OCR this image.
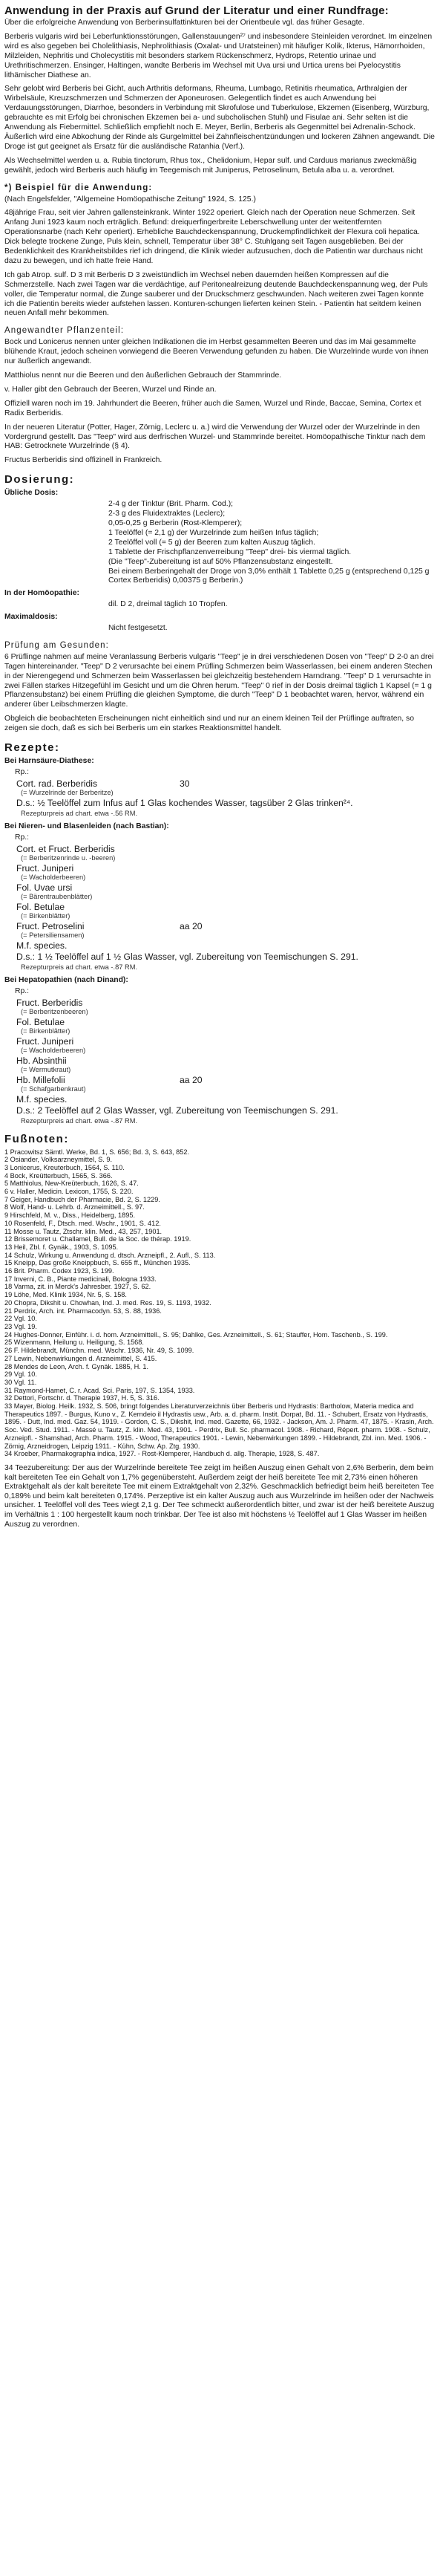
Anwendung in der Praxis auf Grund der Literatur und einer Rundfrage:

Über die erfolgreiche Anwendung von Berberinsulfattinkturen bei der Orientbeule vgl. das früher Gesagte.

Berberis vulgaris wird bei Leberfunktionsstörungen, Gallenstauungen²⁷ und insbesondere Steinleiden verordnet. Im einzelnen wird es also gegeben bei Cholelithiasis, Nephrolithiasis (Oxalat- und Uratsteinen) mit häufiger Kolik, Ikterus, Hämorrhoiden, Milzleiden, Nephritis und Cholecystitis mit besonders starkem Rückenschmerz, Hydrops, Retentio urinae und Urethritischmerzen. Ensinger, Haltingen, wandte Berberis im Wechsel mit Uva ursi und Urtica urens bei Pyelocystitis lithämischer Diathese an.

Sehr gelobt wird Berberis bei Gicht, auch Arthritis deformans, Rheuma, Lumbago, Retinitis rheumatica, Arthralgien der Wirbelsäule, Kreuzschmerzen und Schmerzen der Aponeurosen. Gelegentlich findet es auch Anwendung bei Verdauungsstörungen, Diarrhoe, besonders in Verbindung mit Skrofulose und Tuberkulose, Ekzemen (Eisenberg, Würzburg, gebrauchte es mit Erfolg bei chronischen Ekzemen bei a- und subcholischen Stuhl) und Fisulae ani. Sehr selten ist die Anwendung als Fiebermittel. Schließlich empfiehlt noch E. Meyer, Berlin, Berberis als Gegenmittel bei Adrenalin-Schock. Äußerlich wird eine Abkochung der Rinde als Gurgelmittel bei Zahnfleischentzündungen und lockeren Zähnen angewandt. Die Droge ist gut geeignet als Ersatz für die ausländische Ratanhia (Verf.).

Als Wechselmittel werden u. a. Rubia tinctorum, Rhus tox., Chelidonium, Hepar sulf. und Carduus marianus zweckmäßig gewählt, jedoch wird Berberis auch häufig im Teegemisch mit Juniperus, Petroselinum, Betula alba u. a. verordnet.

*) Beispiel für die Anwendung:

(Nach Engelsfelder, "Allgemeine Homöopathische Zeitung" 1924, S. 125.)

48jährige Frau, seit vier Jahren gallensteinkrank. Winter 1922 operiert. Gleich nach der Operation neue Schmerzen. Seit Anfang Juni 1923 kaum noch erträglich. Befund: dreiquerfingerbreite Leberschwellung unter der weitentfernten Operationsnarbe (nach Kehr operiert). Erhebliche Bauchdeckenspannung, Druckempfindlichkeit der Flexura coli hepatica. Dick belegte trockene Zunge, Puls klein, schnell, Temperatur über 38° C. Stuhlgang seit Tagen ausgeblieben. Bei der Bedenklichkeit des Krankheitsbildes rief ich dringend, die Klinik wieder aufzusuchen, doch die Patientin war durchaus nicht dazu zu bewegen, und ich hatte freie Hand.

Ich gab Atrop. sulf. D 3 mit Berberis D 3 zweistündlich im Wechsel neben dauernden heißen Kompressen auf die Schmerzstelle. Nach zwei Tagen war die verdächtige, auf Peritonealreizung deutende Bauchdeckenspannung weg, der Puls voller, die Temperatur normal, die Zunge sauberer und der Druckschmerz geschwunden. Nach weiteren zwei Tagen konnte ich die Patientin bereits wieder aufstehen lassen. Konturen-schungen lieferten keinen Stein. - Patientin hat seitdem keinen neuen Anfall mehr bekommen.

Angewandter Pflanzenteil:

Bock und Lonicerus nennen unter gleichen Indikationen die im Herbst gesammelten Beeren und das im Mai gesammelte blühende Kraut, jedoch scheinen vorwiegend die Beeren Verwendung gefunden zu haben. Die Wurzelrinde wurde von ihnen nur äußerlich angewandt.

Matthiolus nennt nur die Beeren und den äußerlichen Gebrauch der Stammrinde.

v. Haller gibt den Gebrauch der Beeren, Wurzel und Rinde an.

Offiziell waren noch im 19. Jahrhundert die Beeren, früher auch die Samen, Wurzel und Rinde, Baccae, Semina, Cortex et Radix Berberidis.

In der neueren Literatur (Potter, Hager, Zörnig, Leclerc u. a.) wird die Verwendung der Wurzel oder der Wurzelrinde in den Vordergrund gestellt. Das "Teep" wird aus derfrischen Wurzel- und Stammrinde bereitet. Homöopathische Tinktur nach dem HAB: Getrocknete Wurzelrinde (§ 4).

Fructus Berberidis sind offizinell in Frankreich.

Dosierung:
Übliche Dosis:

2-4 g der Tinktur (Brit. Pharm. Cod.);

2-3 g des Fluidextraktes (Leclerc);

0,05-0,25 g Berberin (Rost-Klemperer);

1 Teelöffel (= 2,1 g) der Wurzelrinde zum heißen Infus täglich;

2 Teelöffel voll (= 5 g) der Beeren zum kalten Auszug täglich.

1 Tablette der Frischpflanzenverreibung "Teep" drei- bis viermal täglich.

(Die "Teep"-Zubereitung ist auf 50% Pflanzensubstanz eingestellt.

Bei einem Berberingehalt der Droge von 3,0% enthält 1 Tablette 0,25 g (entsprechend 0,125 g Cortex Berberidis) 0,00375 g Berberin.)

In der Homöopathie:
dil. D 2, dreimal täglich 10 Tropfen.
Maximaldosis:
Nicht festgesetzt.
Prüfung am Gesunden:

6 Prüflinge nahmen auf meine Veranlassung Berberis vulgaris "Teep" je in drei verschiedenen Dosen von "Teep" D 2-0 an drei Tagen hintereinander. "Teep" D 2 verursachte bei einem Prüfling Schmerzen beim Wasserlassen, bei einem anderen Stechen in der Nierengegend und Schmerzen beim Wasserlassen bei gleichzeitig bestehendem Harndrang. "Teep" D 1 verursachte in zwei Fällen starkes Hitzegefühl im Gesicht und um die Ohren herum. "Teep" 0 rief in der Dosis dreimal täglich 1 Kapsel (= 1 g Pflanzensubstanz) bei einem Prüfling die gleichen Symptome, die durch "Teep" D 1 beobachtet waren, hervor, während ein anderer über Leibschmerzen klagte.

Obgleich die beobachteten Erscheinungen nicht einheitlich sind und nur an einem kleinen Teil der Prüflinge auftraten, so zeigen sie doch, daß es sich bei Berberis um ein starkes Reaktionsmittel handelt.

Rezepte:
Bei Harnsäure-Diathese:
Rp.:
Cort. rad. Berberidis	30
(= Wurzelrinde der Berberitze)
D.s.: ½ Teelöffel zum Infus auf 1 Glas kochendes Wasser, tagsüber 2 Glas trinken²⁴.
Rezepturpreis ad chart. etwa -.56 RM.
Bei Nieren- und Blasenleiden (nach Bastian):
Rp.:
Cort. et Fruct. Berberidis
(= Berberitzenrinde u. -beeren)
Fruct. Juniperi
(= Wacholderbeeren)
Fol. Uvae ursi
(= Bärentraubenblätter)
Fol. Betulae
(= Birkenblätter)
Fruct. Petroselini	aa 20
(= Petersiliensamen)
M.f. species.
D.s.: 1 ½ Teelöffel auf 1 ½ Glas Wasser, vgl. Zubereitung von Teemischungen S. 291.
Rezepturpreis ad chart. etwa -.87 RM.
Bei Hepatopathien (nach Dinand):
Rp.:
Fruct. Berberidis
(= Berberitzenbeeren)
Fol. Betulae
(= Birkenblätter)
Fruct. Juniperi
(= Wacholderbeeren)
Hb. Absinthii
(= Wermutkraut)
Hb. Millefolii	aa 20
(= Schafgarbenkraut)
M.f. species.
D.s.: 2 Teelöffel auf 2 Glas Wasser, vgl. Zubereitung von Teemischungen S. 291.
Rezepturpreis ad chart. etwa -.87 RM.
Fußnoten:
1 Pracowitsz Sämtl. Werke, Bd. 1, S. 656; Bd. 3, S. 643, 852.
2 Osiander, Volksarzneymittel, S. 9.
3 Lonicerus, Kreuterbuch, 1564, S. 110.
4 Bock, Kreütterbuch, 1565, S. 366.
5 Matthiolus, New-Kreüterbuch, 1626, S. 47.
6 v. Haller, Medicin. Lexicon, 1755, S. 220.
7 Geiger, Handbuch der Pharmacie, Bd. 2, S. 1229.
8 Wolf, Hand- u. Lehrb. d. Arzneimittell., S. 97.
9 Hirschfeld, M. v., Diss., Heidelberg, 1895.
10 Rosenfeld, F., Dtsch. med. Wschr., 1901, S. 412.
11 Mosse u. Tautz, Ztschr. klin. Med., 43, 257, 1901.
12 Brissemoret u. Challamel, Bull. de la Soc. de thérap. 1919.
13 Heil, Zbl. f. Gynäk., 1903, S. 1095.
14 Schulz, Wirkung u. Anwendung d. dtsch. Arzneipfl., 2. Aufl., S. 113.
15 Kneipp, Das große Kneippbuch, S. 655 ff., München 1935.
16 Brit. Pharm. Codex 1923, S. 199.
17 Inverni, C. B., Piante medicinali, Bologna 1933.
18 Varma, zit. in Merck's Jahresber. 1927, S. 62.
19 Löhe, Med. Klinik 1934, Nr. 5, S. 158.
20 Chopra, Dikshit u. Chowhan, Ind. J. med. Res. 19, S. 1193, 1932.
21 Perdrix, Arch. int. Pharmacodyn. 53, S. 88, 1936.
22 Vgl. 10.
23 Vgl. 19.
24 Hughes-Donner, Einführ. i. d. hom. Arzneimittell., S. 95; Dahlke, Ges. Arzneimittell., S. 61; Stauffer, Hom. Taschenb., S. 199.
25 Wizenmann, Heilung u. Heiligung, S. 1568.
26 F. Hildebrandt, Münchn. med. Wschr. 1936, Nr. 49, S. 1099.
27 Lewin, Nebenwirkungen d. Arzneimittel, S. 415.
28 Mendes de Leon, Arch. f. Gynäk. 1885, H. 1.
29 Vgl. 10.
30 Vgl. 11.
31 Raymond-Hamet, C. r. Acad. Sci. Paris, 197, S. 1354, 1933.
32 Dettori, Fortschr. d. Therapie 1937, H. 5, S. 316.
33 Mayer, Biolog. Heilk. 1932, S. 506, bringt folgendes Literaturverzeichnis über Berberis und Hydrastis: Bartholow, Materia medica and Therapeutics 1897. - Burgus, Kuno v., Z. Kerndeio il Hydrastis usw., Arb. a. d. pharm. Instit. Dorpat, Bd. 11. - Schubert, Ersatz von Hydrastis, 1895. - Dutt, Ind. med. Gaz. 54, 1919. - Gordon, C. S., Dikshit, Ind. med. Gazette, 66, 1932. - Jackson, Am. J. Pharm. 47, 1875. - Krasin, Arch. Soc. Ved. Stud. 1911. - Massé u. Tautz, Z. klin. Med. 43, 1901. - Perdrix, Bull. Sc. pharmacol. 1908. - Richard, Répert. pharm. 1908. - Schulz, Arzneipfl. - Shamshad, Arch. Pharm. 1915. - Wood, Therapeutics 1901. - Lewin, Nebenwirkungen 1899. - Hildebrandt, Zbl. inn. Med. 1906. - Zörnig, Arzneidrogen, Leipzig 1911. - Kühn, Schw. Ap. Ztg. 1930.
34 Kroeber, Pharmakographia indica, 1927. - Rost-Klemperer, Handbuch d. allg. Therapie, 1928, S. 487.
34 Teezubereitung: Der aus der Wurzelrinde bereitete Tee zeigt im heißen Auszug einen Gehalt von 2,6% Berberin, dem beim kalt bereiteten Tee ein Gehalt von 1,7% gegenübersteht. Außerdem zeigt der heiß bereitete Tee mit 2,73% einen höheren Extraktgehalt als der kalt bereitete Tee mit einem Extraktgehalt von 2,32%. Geschmacklich befriedigt beim heiß bereiteten Tee 0,189% und beim kalt bereiteten 0,174%. Perzeptive ist ein kalter Auszug auch aus Wurzelrinde im heißen oder der Nachweis unsicher. 1 Teelöffel voll des Tees wiegt 2,1 g. Der Tee schmeckt außerordentlich bitter, und zwar ist der heiß bereitete Auszug im Verhältnis 1 : 100 hergestellt kaum noch trinkbar. Der Tee ist also mit höchstens ½ Teelöffel auf 1 Glas Wasser im heißen Auszug zu verordnen.
